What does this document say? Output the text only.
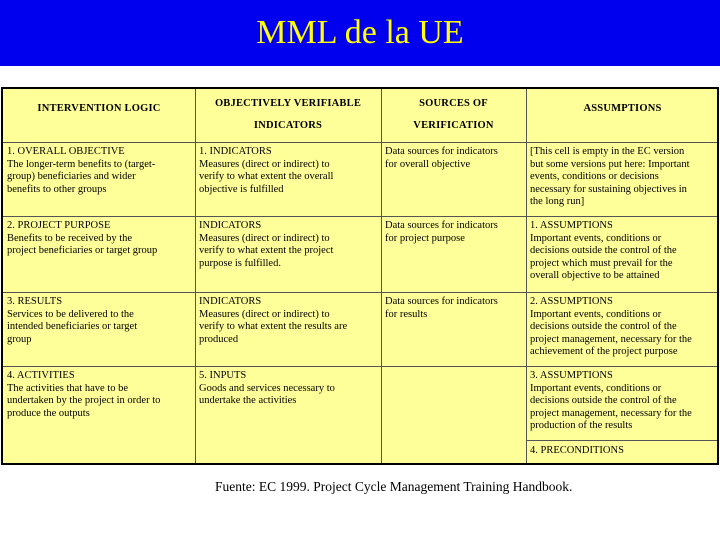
MML de la UE
INTERVENTION LOGIC	OBJECTIVELY VERIFIABLE
INDICATORS
SOURCES OF
VERIFICATION
ASSUMPTIONS
1. OVERALL OBJECTIVE
The longer-term benefits to (target-
group) beneficiaries and wider
benefits to other groups
1. INDICATORS
Measures (direct or indirect) to
verify to what extent the overall
objective is fulfilled
Data sources for indicators
for overall objective
[This cell is empty in the EC version
but some versions put here: Important
events, conditions or decisions
necessary for sustaining objectives in
the long run]
2. PROJECT PURPOSE
Benefits to be received by the
project beneficiaries or target group
INDICATORS
Measures (direct or indirect) to
verify to what extent the project
purpose is fulfilled.
Data sources for indicators
for project purpose
1. ASSUMPTIONS
Important events, conditions or
decisions outside the control of the
project which must prevail for the
overall objective to be attained
3. RESULTS
Services to be delivered to the
intended beneficiaries or target
group
INDICATORS
Measures (direct or indirect) to
verify to what extent the results are
produced
Data sources for indicators
for results
2. ASSUMPTIONS
Important events, conditions or
decisions outside the control of the
project management, necessary for the
achievement of the project purpose
4. ACTIVITIES
The activities that have to be
undertaken by the project in order to
produce the outputs
5. INPUTS
Goods and services necessary to
undertake the activities
3. ASSUMPTIONS
Important events, conditions or
decisions outside the control of the
project management, necessary for the
production of the results
4. PRECONDITIONS
Fuente: EC 1999. Project Cycle Management Training Handbook.
